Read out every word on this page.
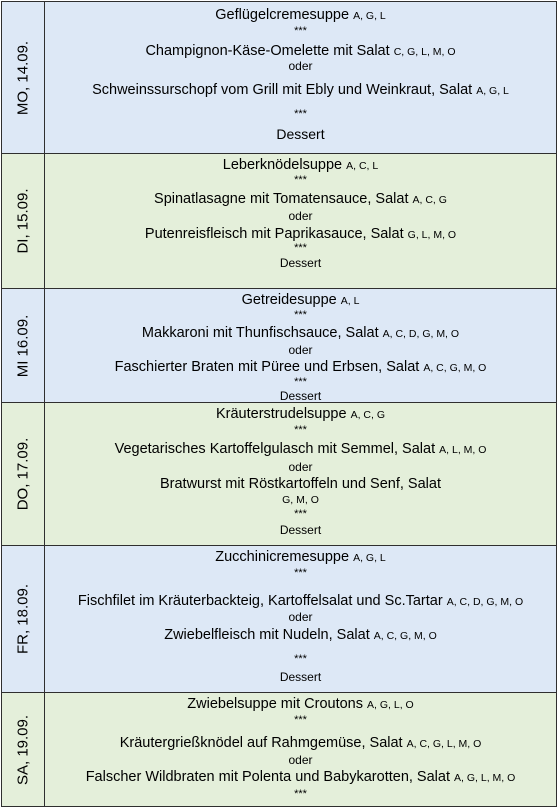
MO, 14.09.
Geflügelcremesuppe A, G, L
***
Champignon-Käse-Omelette mit Salat C, G, L, M, O
oder
Schweinssurschopf vom Grill mit Ebly und Weinkraut, Salat A, G, L
***
Dessert
DI, 15.09.
Leberknödelsuppe A, C, L
***
Spinatlasagne mit Tomatensauce, Salat A, C, G
oder
Putenreisfleisch mit Paprikasauce, Salat G, L, M, O
***
Dessert
MI 16.09.
Getreidesuppe A, L
***
Makkaroni mit Thunfischsauce, Salat A, C, D, G, M, O
oder
Faschierter Braten mit Püree und Erbsen, Salat A, C, G, M, O
***
Dessert
DO, 17.09.
Kräuterstrudelsuppe A, C, G
***
Vegetarisches Kartoffelgulasch mit Semmel, Salat A, L, M, O
oder
Bratwurst mit Röstkartoffeln und Senf, Salat
G, M, O
***
Dessert
FR, 18.09.
Zucchinicremesuppe A, G, L
***
Fischfilet im Kräuterbackteig, Kartoffelsalat und Sc.Tartar A, C, D, G, M, O
oder
Zwiebelfleisch mit Nudeln, Salat A, C, G, M, O
***
Dessert
SA, 19.09.
Zwiebelsuppe mit Croutons A, G, L, O
***
Kräutergrießknödel auf Rahmgemüse, Salat A, C, G, L, M, O
oder
Falscher Wildbraten mit Polenta und Babykarotten, Salat A, G, L, M, O
***
